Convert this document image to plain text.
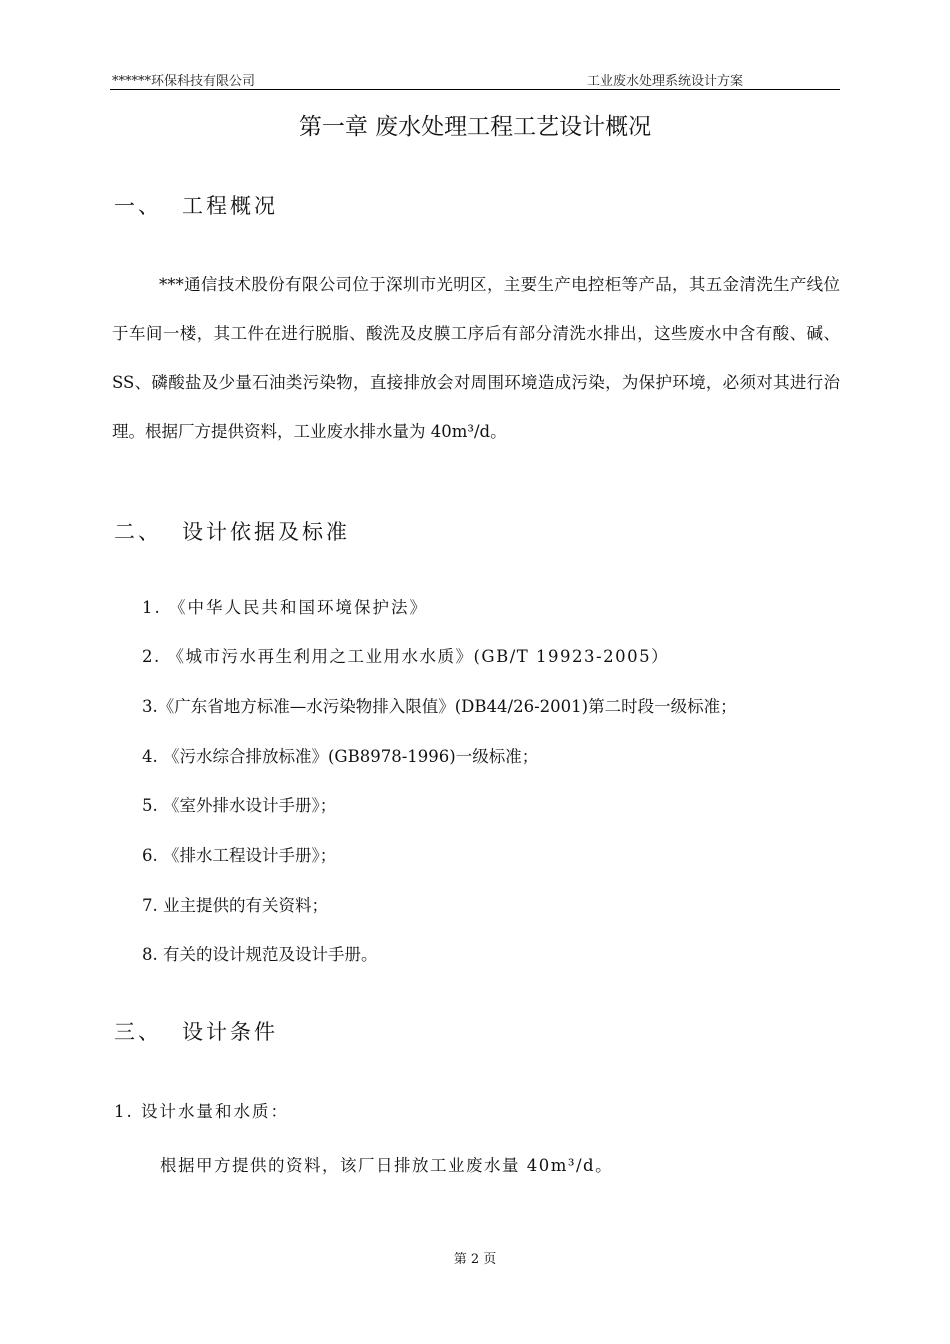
******环保科技有限公司	工业废水处理系统设计方案
第一章 废水处理工程工艺设计概况
一、 工程概况
***通信技术股份有限公司位于深圳市光明区，主要生产电控柜等产品，其五金清洗生产线位于车间一楼，其工件在进行脱脂、酸洗及皮膜工序后有部分清洗水排出，这些废水中含有酸、碱、SS、磷酸盐及少量石油类污染物，直接排放会对周围环境造成污染，为保护环境，必须对其进行治理。根据厂方提供资料，工业废水排水量为 40m³/d。
二、 设计依据及标准
1. 《中华人民共和国环境保护法》
2. 《城市污水再生利用之工业用水水质》(GB/T 19923-2005）
3.《广东省地方标准—水污染物排入限值》(DB44/26-2001)第二时段一级标准；
4. 《污水综合排放标准》(GB8978-1996)一级标准；
5. 《室外排水设计手册》；
6. 《排水工程设计手册》；
7. 业主提供的有关资料；
8. 有关的设计规范及设计手册。
三、 设计条件
1. 设计水量和水质：
根据甲方提供的资料，该厂日排放工业废水量 40m³/d。
第 2 页
